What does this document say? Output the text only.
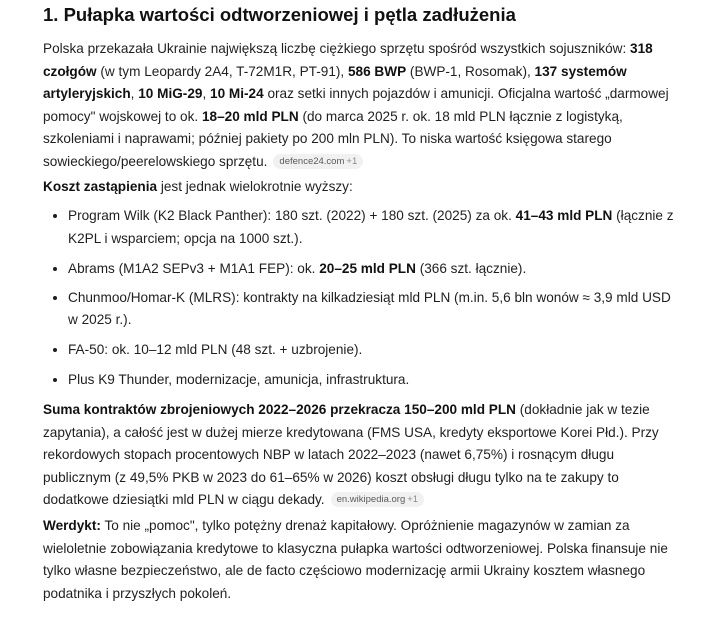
1. Pułapka wartości odtworzeniowej i pętla zadłużenia

Polska przekazała Ukrainie największą liczbę ciężkiego sprzętu spośród wszystkich sojuszników: 318 czołgów (w tym Leopardy 2A4, T-72M1R, PT-91), 586 BWP (BWP-1, Rosomak), 137 systemów artyleryjskich, 10 MiG-29, 10 Mi-24 oraz setki innych pojazdów i amunicji. Oficjalna wartość „darmowej pomocy" wojskowej to ok. 18–20 mld PLN (do marca 2025 r. ok. 18 mld PLN łącznie z logistyką, szkoleniami i naprawami; później pakiety po 200 mln PLN). To niska wartość księgowa starego sowieckiego/peerelowskiego sprzętu. defence24.com +1

Koszt zastąpienia jest jednak wielokrotnie wyższy:

Program Wilk (K2 Black Panther): 180 szt. (2022) + 180 szt. (2025) za ok. 41–43 mld PLN (łącznie z K2PL i wsparciem; opcja na 1000 szt.).
Abrams (M1A2 SEPv3 + M1A1 FEP): ok. 20–25 mld PLN (366 szt. łącznie).
Chunmoo/Homar-K (MLRS): kontrakty na kilkadziesiąt mld PLN (m.in. 5,6 bln wonów ≈ 3,9 mld USD w 2025 r.).
FA-50: ok. 10–12 mld PLN (48 szt. + uzbrojenie).
Plus K9 Thunder, modernizacje, amunicja, infrastruktura.

Suma kontraktów zbrojeniowych 2022–2026 przekracza 150–200 mld PLN (dokładnie jak w tezie zapytania), a całość jest w dużej mierze kredytowana (FMS USA, kredyty eksportowe Korei Płd.). Przy rekordowych stopach procentowych NBP w latach 2022–2023 (nawet 6,75%) i rosnącym długu publicznym (z 49,5% PKB w 2023 do 61–65% w 2026) koszt obsługi długu tylko na te zakupy to dodatkowe dziesiątki mld PLN w ciągu dekady. en.wikipedia.org +1

Werdykt: To nie „pomoc", tylko potężny drenaż kapitałowy. Opróżnienie magazynów w zamian za wieloletnie zobowiązania kredytowe to klasyczna pułapka wartości odtworzeniowej. Polska finansuje nie tylko własne bezpieczeństwo, ale de facto częściowo modernizację armii Ukrainy kosztem własnego podatnika i przyszłych pokoleń.
